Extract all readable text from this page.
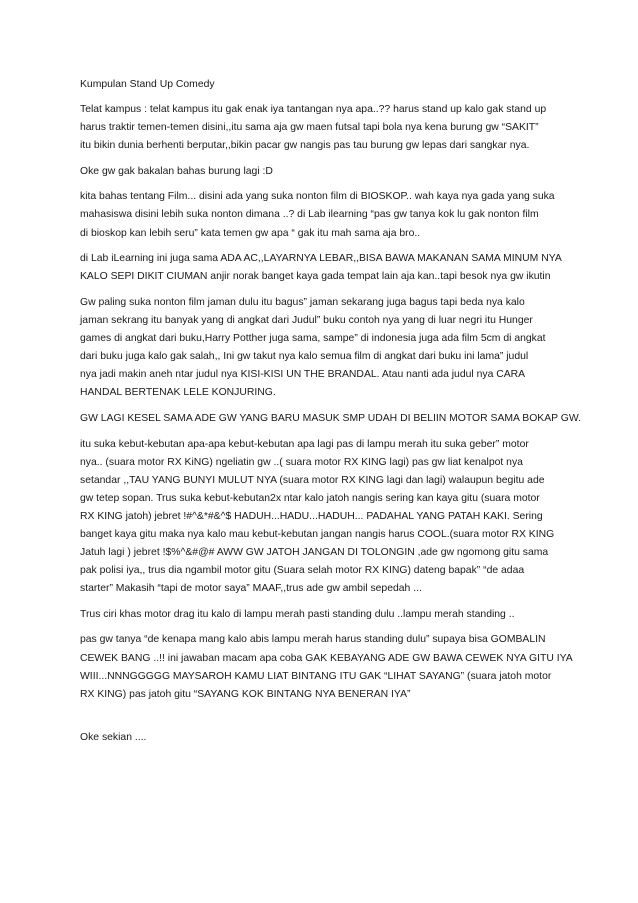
Kumpulan Stand Up Comedy
Telat kampus : telat kampus itu gak enak iya tantangan nya apa..?? harus stand up kalo gak stand up
harus traktir temen-temen disini,,itu sama aja gw maen futsal tapi bola nya kena burung gw “SAKIT”
itu bikin dunia berhenti berputar,,bikin pacar gw nangis pas tau burung gw lepas dari sangkar nya.
Oke gw gak bakalan bahas burung lagi :D
kita bahas tentang Film... disini ada yang suka nonton film di BIOSKOP.. wah kaya nya gada yang suka
mahasiswa disini lebih suka nonton dimana ..? di Lab ilearning “pas gw tanya kok lu gak nonton film
di bioskop kan lebih seru” kata temen gw apa “ gak itu mah sama aja bro..
di Lab iLearning ini juga sama ADA AC,,LAYARNYA LEBAR,,BISA BAWA MAKANAN SAMA MINUM NYA
KALO SEPI DIKIT CIUMAN anjir norak banget kaya gada tempat lain aja kan..tapi besok nya gw ikutin
Gw paling suka nonton film jaman dulu itu bagus” jaman sekarang juga bagus tapi beda nya kalo
jaman sekrang itu banyak yang di angkat dari Judul” buku contoh nya yang di luar negri itu Hunger
games di angkat dari buku,Harry Potther juga sama, sampe” di indonesia juga ada film 5cm di angkat
dari buku juga kalo gak salah,, Ini gw takut nya kalo semua film di angkat dari buku ini lama” judul
nya jadi makin aneh ntar judul nya KISI-KISI UN THE BRANDAL. Atau nanti ada judul nya CARA
HANDAL BERTENAK LELE KONJURING.
GW LAGI KESEL SAMA ADE GW YANG BARU MASUK SMP UDAH DI BELIIN MOTOR SAMA BOKAP GW.
itu suka kebut-kebutan apa-apa kebut-kebutan apa lagi pas di lampu merah itu suka geber” motor
nya.. (suara motor RX KiNG) ngeliatin gw ..( suara motor RX KING lagi) pas gw liat kenalpot nya
setandar ,,TAU YANG BUNYI MULUT NYA (suara motor RX KING lagi dan lagi) walaupun begitu ade
gw tetep sopan. Trus suka kebut-kebutan2x ntar kalo jatoh nangis sering kan kaya gitu (suara motor
RX KING jatoh) jebret !#^&*#&^$ HADUH...HADU...HADUH... PADAHAL YANG PATAH KAKI. Sering
banget kaya gitu maka nya kalo mau kebut-kebutan jangan nangis harus COOL.(suara motor RX KING
Jatuh lagi ) jebret !$%^&#@# AWW GW JATOH JANGAN DI TOLONGIN ,ade gw ngomong gitu sama
pak polisi iya,, trus dia ngambil motor gitu (Suara selah motor RX KING) dateng bapak” “de adaa
starter” Makasih “tapi de motor saya” MAAF,,trus ade gw ambil sepedah ...
Trus ciri khas motor drag itu kalo di lampu merah pasti standing dulu ..lampu merah standing ..
pas gw tanya “de kenapa mang kalo abis lampu merah harus standing dulu” supaya bisa GOMBALIN
CEWEK BANG ..!! ini jawaban macam apa coba GAK KEBAYANG ADE GW BAWA CEWEK NYA GITU IYA
WIII...NNNGGGGG MAYSAROH KAMU LIAT BINTANG ITU GAK “LIHAT SAYANG” (suara jatoh motor
RX KING) pas jatoh gitu “SAYANG KOK BINTANG NYA BENERAN IYA”
Oke sekian ....
